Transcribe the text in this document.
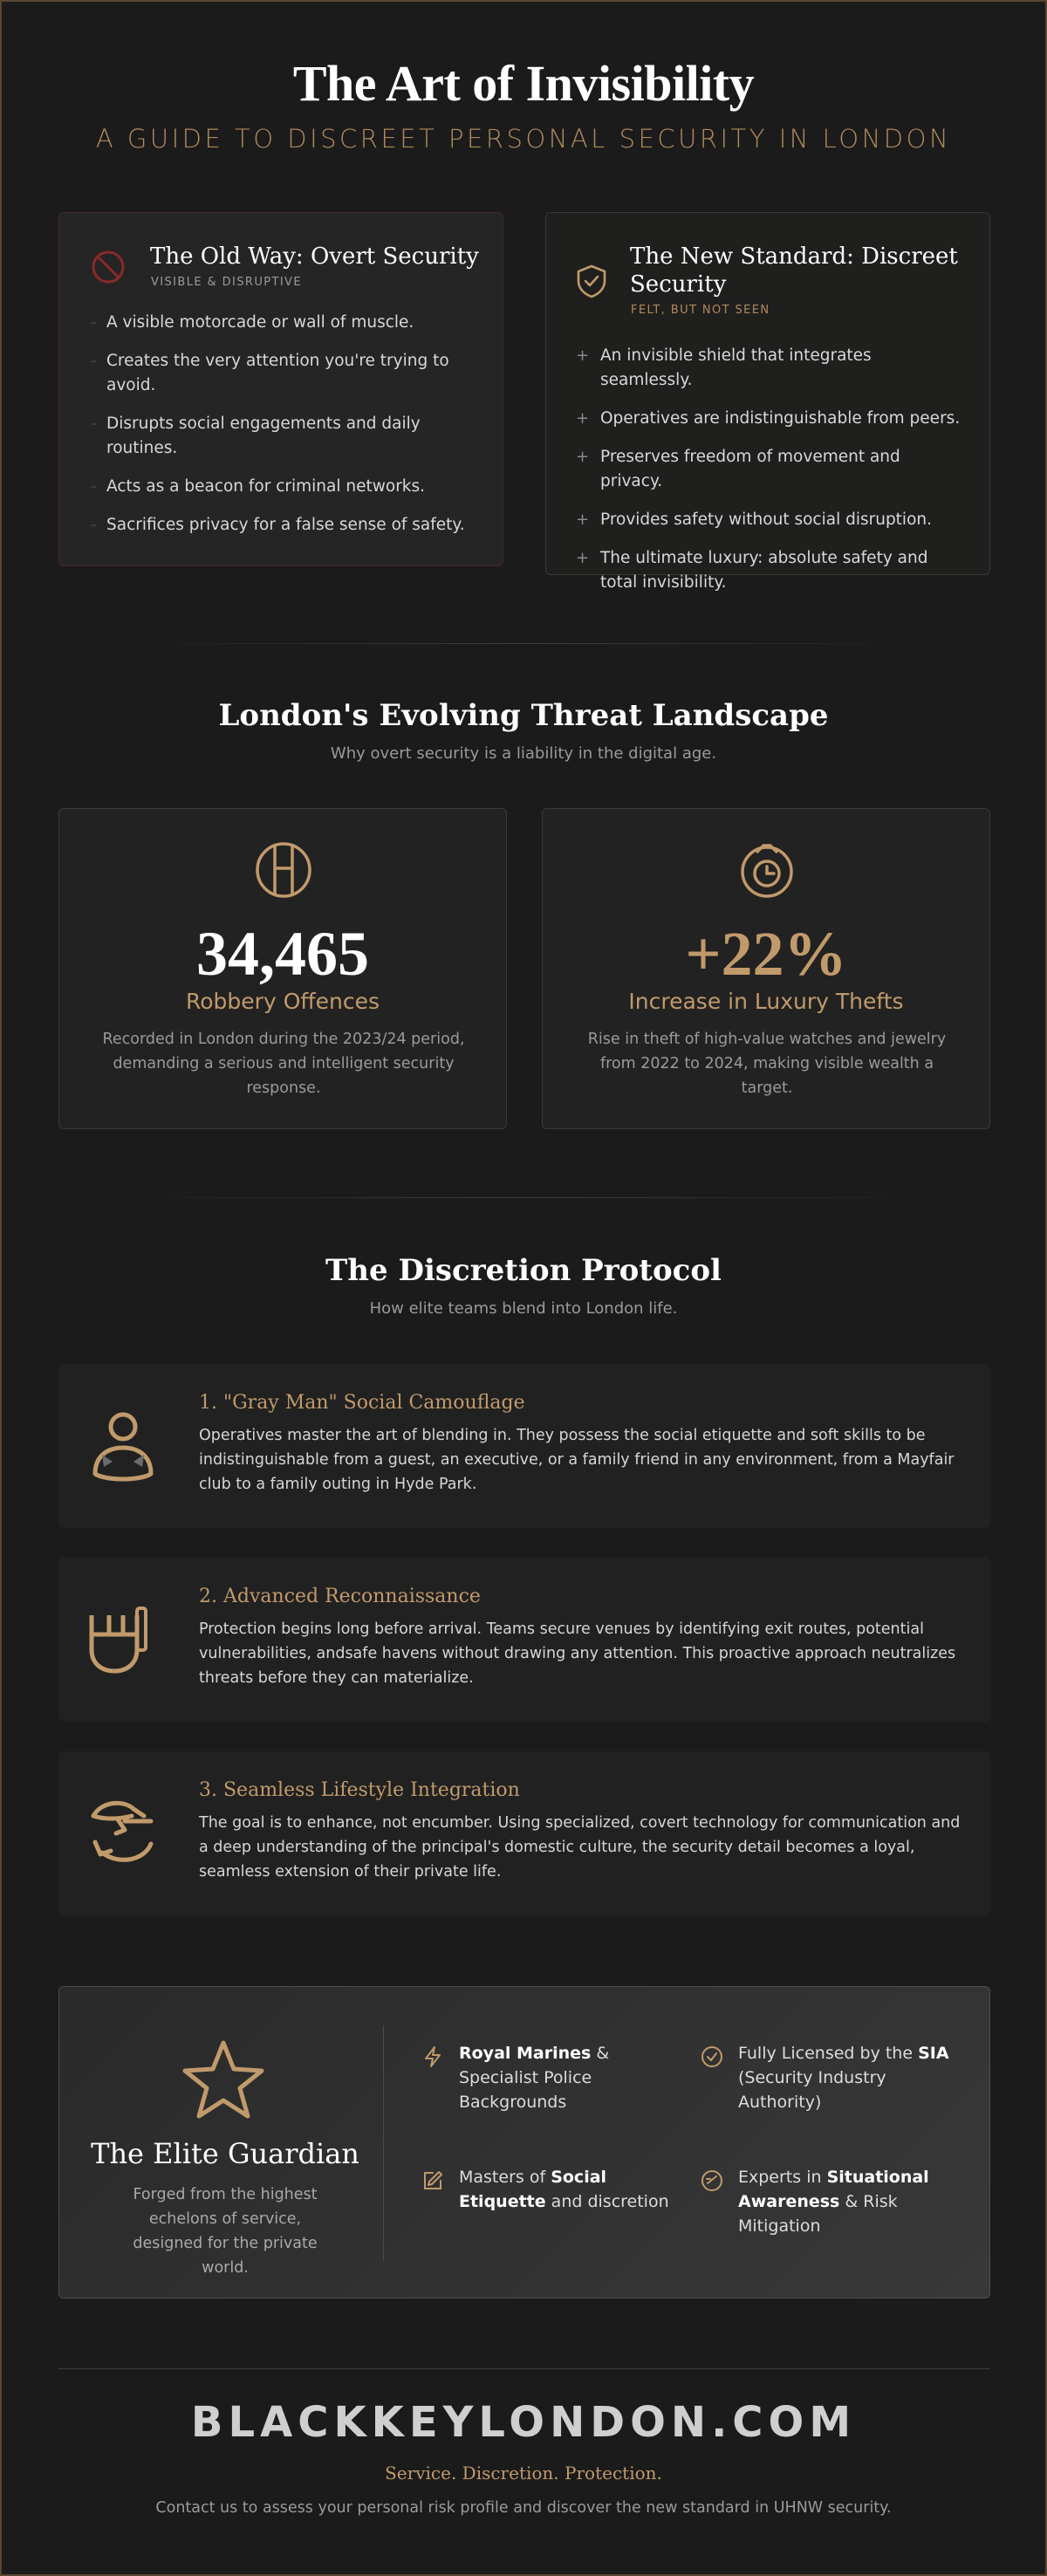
The Art of Invisibility
A GUIDE TO DISCREET PERSONAL SECURITY IN LONDON
The Old Way: Overt Security
VISIBLE & DISRUPTIVE
– A visible motorcade or wall of muscle.
– Creates the very attention you're trying to avoid.
– Disrupts social engagements and daily routines.
– Acts as a beacon for criminal networks.
– Sacrifices privacy for a false sense of safety.
The New Standard: Discreet Security
FELT, BUT NOT SEEN
+ An invisible shield that integrates seamlessly.
+ Operatives are indistinguishable from peers.
+ Preserves freedom of movement and privacy.
+ Provides safety without social disruption.
+ The ultimate luxury: absolute safety and total invisibility.
London's Evolving Threat Landscape
Why overt security is a liability in the digital age.
34,465
Robbery Offences
Recorded in London during the 2023/24 period, demanding a serious and intelligent security response.
+22%
Increase in Luxury Thefts
Rise in theft of high-value watches and jewelry from 2022 to 2024, making visible wealth a target.
The Discretion Protocol
How elite teams blend into London life.
1. "Gray Man" Social Camouflage
Operatives master the art of blending in. They possess the social etiquette and soft skills to be indistinguishable from a guest, an executive, or a family friend in any environment, from a Mayfair club to a family outing in Hyde Park.
2. Advanced Reconnaissance
Protection begins long before arrival. Teams secure venues by identifying exit routes, potential vulnerabilities, andsafe havens without drawing any attention. This proactive approach neutralizes threats before they can materialize.
3. Seamless Lifestyle Integration
The goal is to enhance, not encumber. Using specialized, covert technology for communication and a deep understanding of the principal's domestic culture, the security detail becomes a loyal, seamless extension of their private life.
The Elite Guardian
Forged from the highest echelons of service, designed for the private world.
Royal Marines & Specialist Police Backgrounds
Fully Licensed by the SIA (Security Industry Authority)
Masters of Social Etiquette and discretion
Experts in Situational Awareness & Risk Mitigation
BLACKKEYLONDON.COM
Service. Discretion. Protection.
Contact us to assess your personal risk profile and discover the new standard in UHNW security.
